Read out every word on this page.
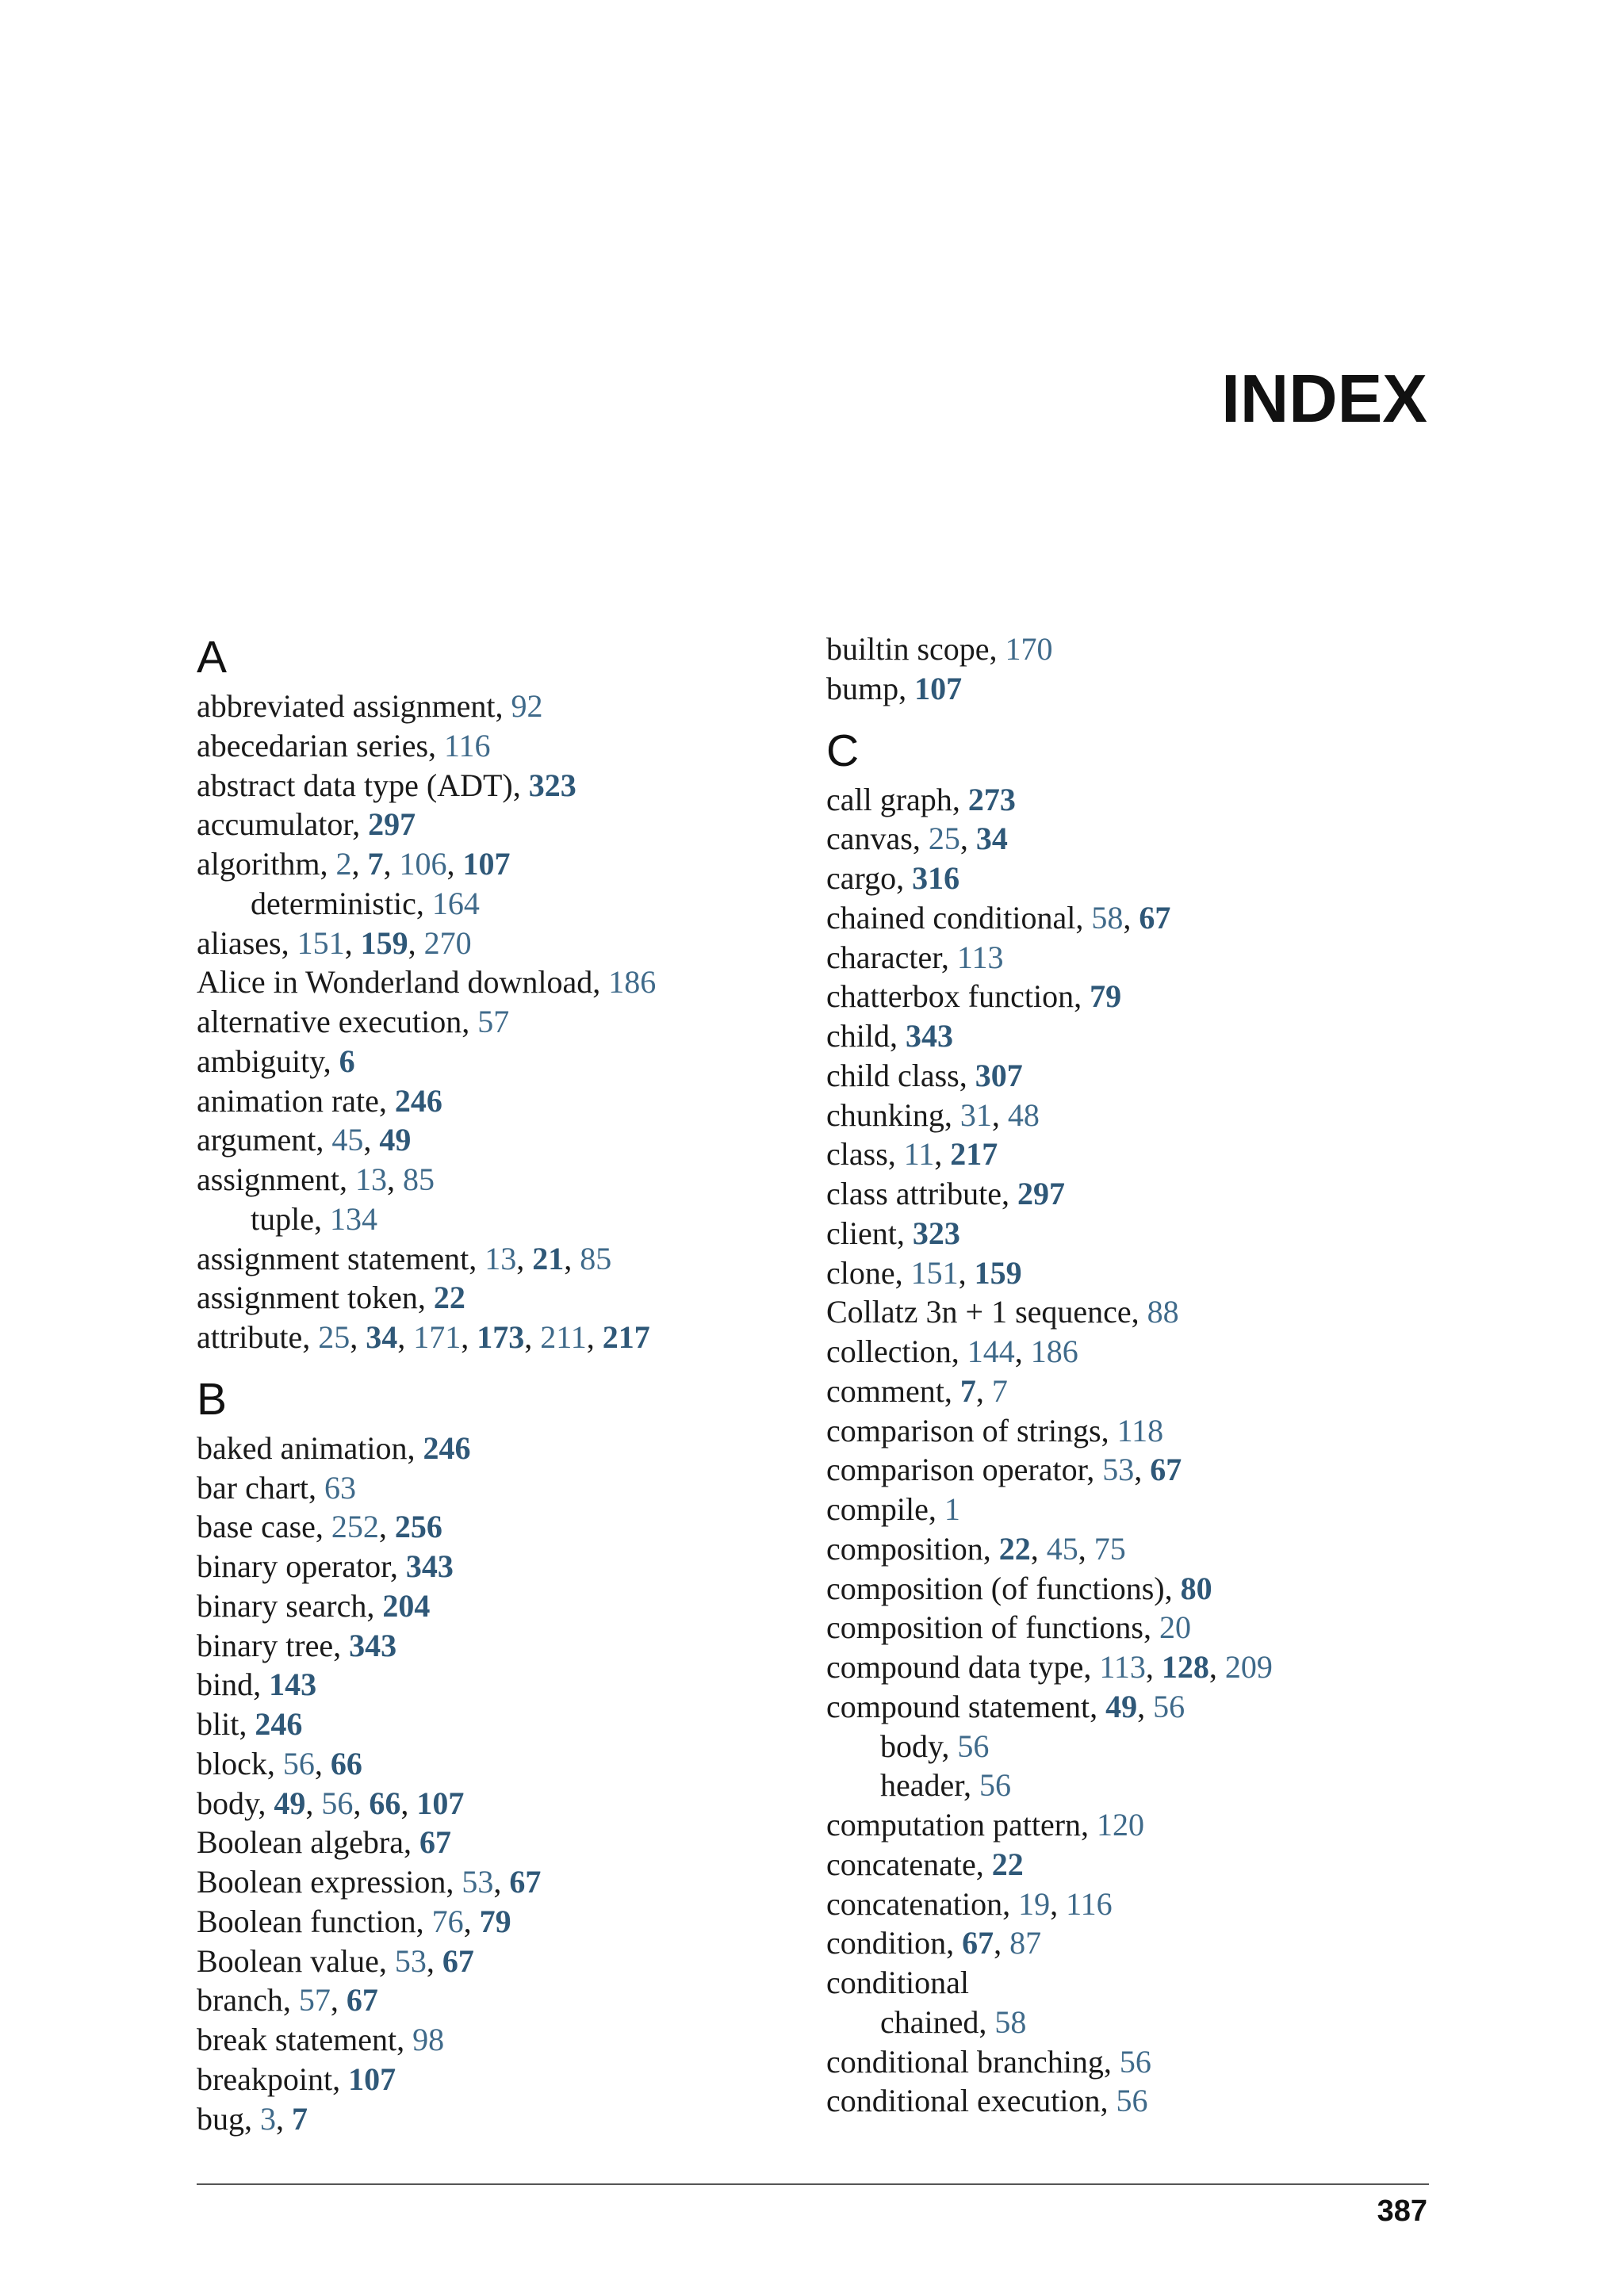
INDEX
A
abbreviated assignment, 92
abecedarian series, 116
abstract data type (ADT), 323
accumulator, 297
algorithm, 2, 7, 106, 107
deterministic, 164
aliases, 151, 159, 270
Alice in Wonderland download, 186
alternative execution, 57
ambiguity, 6
animation rate, 246
argument, 45, 49
assignment, 13, 85
tuple, 134
assignment statement, 13, 21, 85
assignment token, 22
attribute, 25, 34, 171, 173, 211, 217
B
baked animation, 246
bar chart, 63
base case, 252, 256
binary operator, 343
binary search, 204
binary tree, 343
bind, 143
blit, 246
block, 56, 66
body, 49, 56, 66, 107
Boolean algebra, 67
Boolean expression, 53, 67
Boolean function, 76, 79
Boolean value, 53, 67
branch, 57, 67
break statement, 98
breakpoint, 107
bug, 3, 7
builtin scope, 170
bump, 107
C
call graph, 273
canvas, 25, 34
cargo, 316
chained conditional, 58, 67
character, 113
chatterbox function, 79
child, 343
child class, 307
chunking, 31, 48
class, 11, 217
class attribute, 297
client, 323
clone, 151, 159
Collatz 3n + 1 sequence, 88
collection, 144, 186
comment, 7, 7
comparison of strings, 118
comparison operator, 53, 67
compile, 1
composition, 22, 45, 75
composition (of functions), 80
composition of functions, 20
compound data type, 113, 128, 209
compound statement, 49, 56
body, 56
header, 56
computation pattern, 120
concatenate, 22
concatenation, 19, 116
condition, 67, 87
conditional
chained, 58
conditional branching, 56
conditional execution, 56
387
